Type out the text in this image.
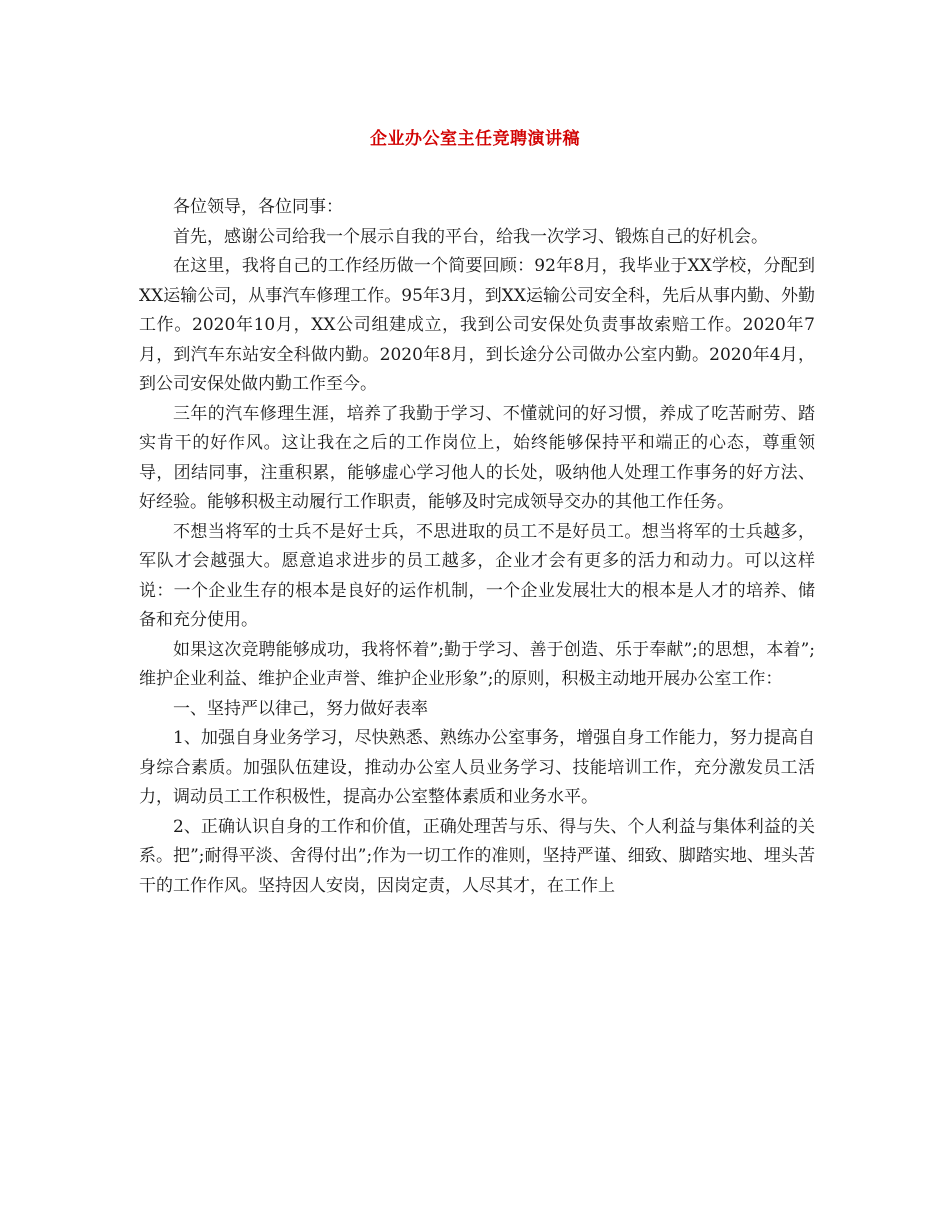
企业办公室主任竞聘演讲稿

各位领导，各位同事：

首先，感谢公司给我一个展示自我的平台，给我一次学习、锻炼自己的好机会。

在这里，我将自己的工作经历做一个简要回顾：92年8月，我毕业于XX学校，分配到XX运输公司，从事汽车修理工作。95年3月，到XX运输公司安全科，先后从事内勤、外勤工作。2020年10月，XX公司组建成立，我到公司安保处负责事故索赔工作。2020年7月，到汽车东站安全科做内勤。2020年8月，到长途分公司做办公室内勤。2020年4月，到公司安保处做内勤工作至今。

三年的汽车修理生涯，培养了我勤于学习、不懂就问的好习惯，养成了吃苦耐劳、踏实肯干的好作风。这让我在之后的工作岗位上，始终能够保持平和端正的心态，尊重领导，团结同事，注重积累，能够虚心学习他人的长处，吸纳他人处理工作事务的好方法、好经验。能够积极主动履行工作职责，能够及时完成领导交办的其他工作任务。

不想当将军的士兵不是好士兵，不思进取的员工不是好员工。想当将军的士兵越多，军队才会越强大。愿意追求进步的员工越多，企业才会有更多的活力和动力。可以这样说：一个企业生存的根本是良好的运作机制，一个企业发展壮大的根本是人才的培养、储备和充分使用。

如果这次竞聘能够成功，我将怀着”;勤于学习、善于创造、乐于奉献”;的思想，本着”;维护企业利益、维护企业声誉、维护企业形象”;的原则，积极主动地开展办公室工作：

一、坚持严以律己，努力做好表率

1、加强自身业务学习，尽快熟悉、熟练办公室事务，增强自身工作能力，努力提高自身综合素质。加强队伍建设，推动办公室人员业务学习、技能培训工作，充分激发员工活力，调动员工工作积极性，提高办公室整体素质和业务水平。

2、正确认识自身的工作和价值，正确处理苦与乐、得与失、个人利益与集体利益的关系。把”;耐得平淡、舍得付出”;作为一切工作的准则，坚持严谨、细致、脚踏实地、埋头苦干的工作作风。坚持因人安岗，因岗定责，人尽其才，在工作上
